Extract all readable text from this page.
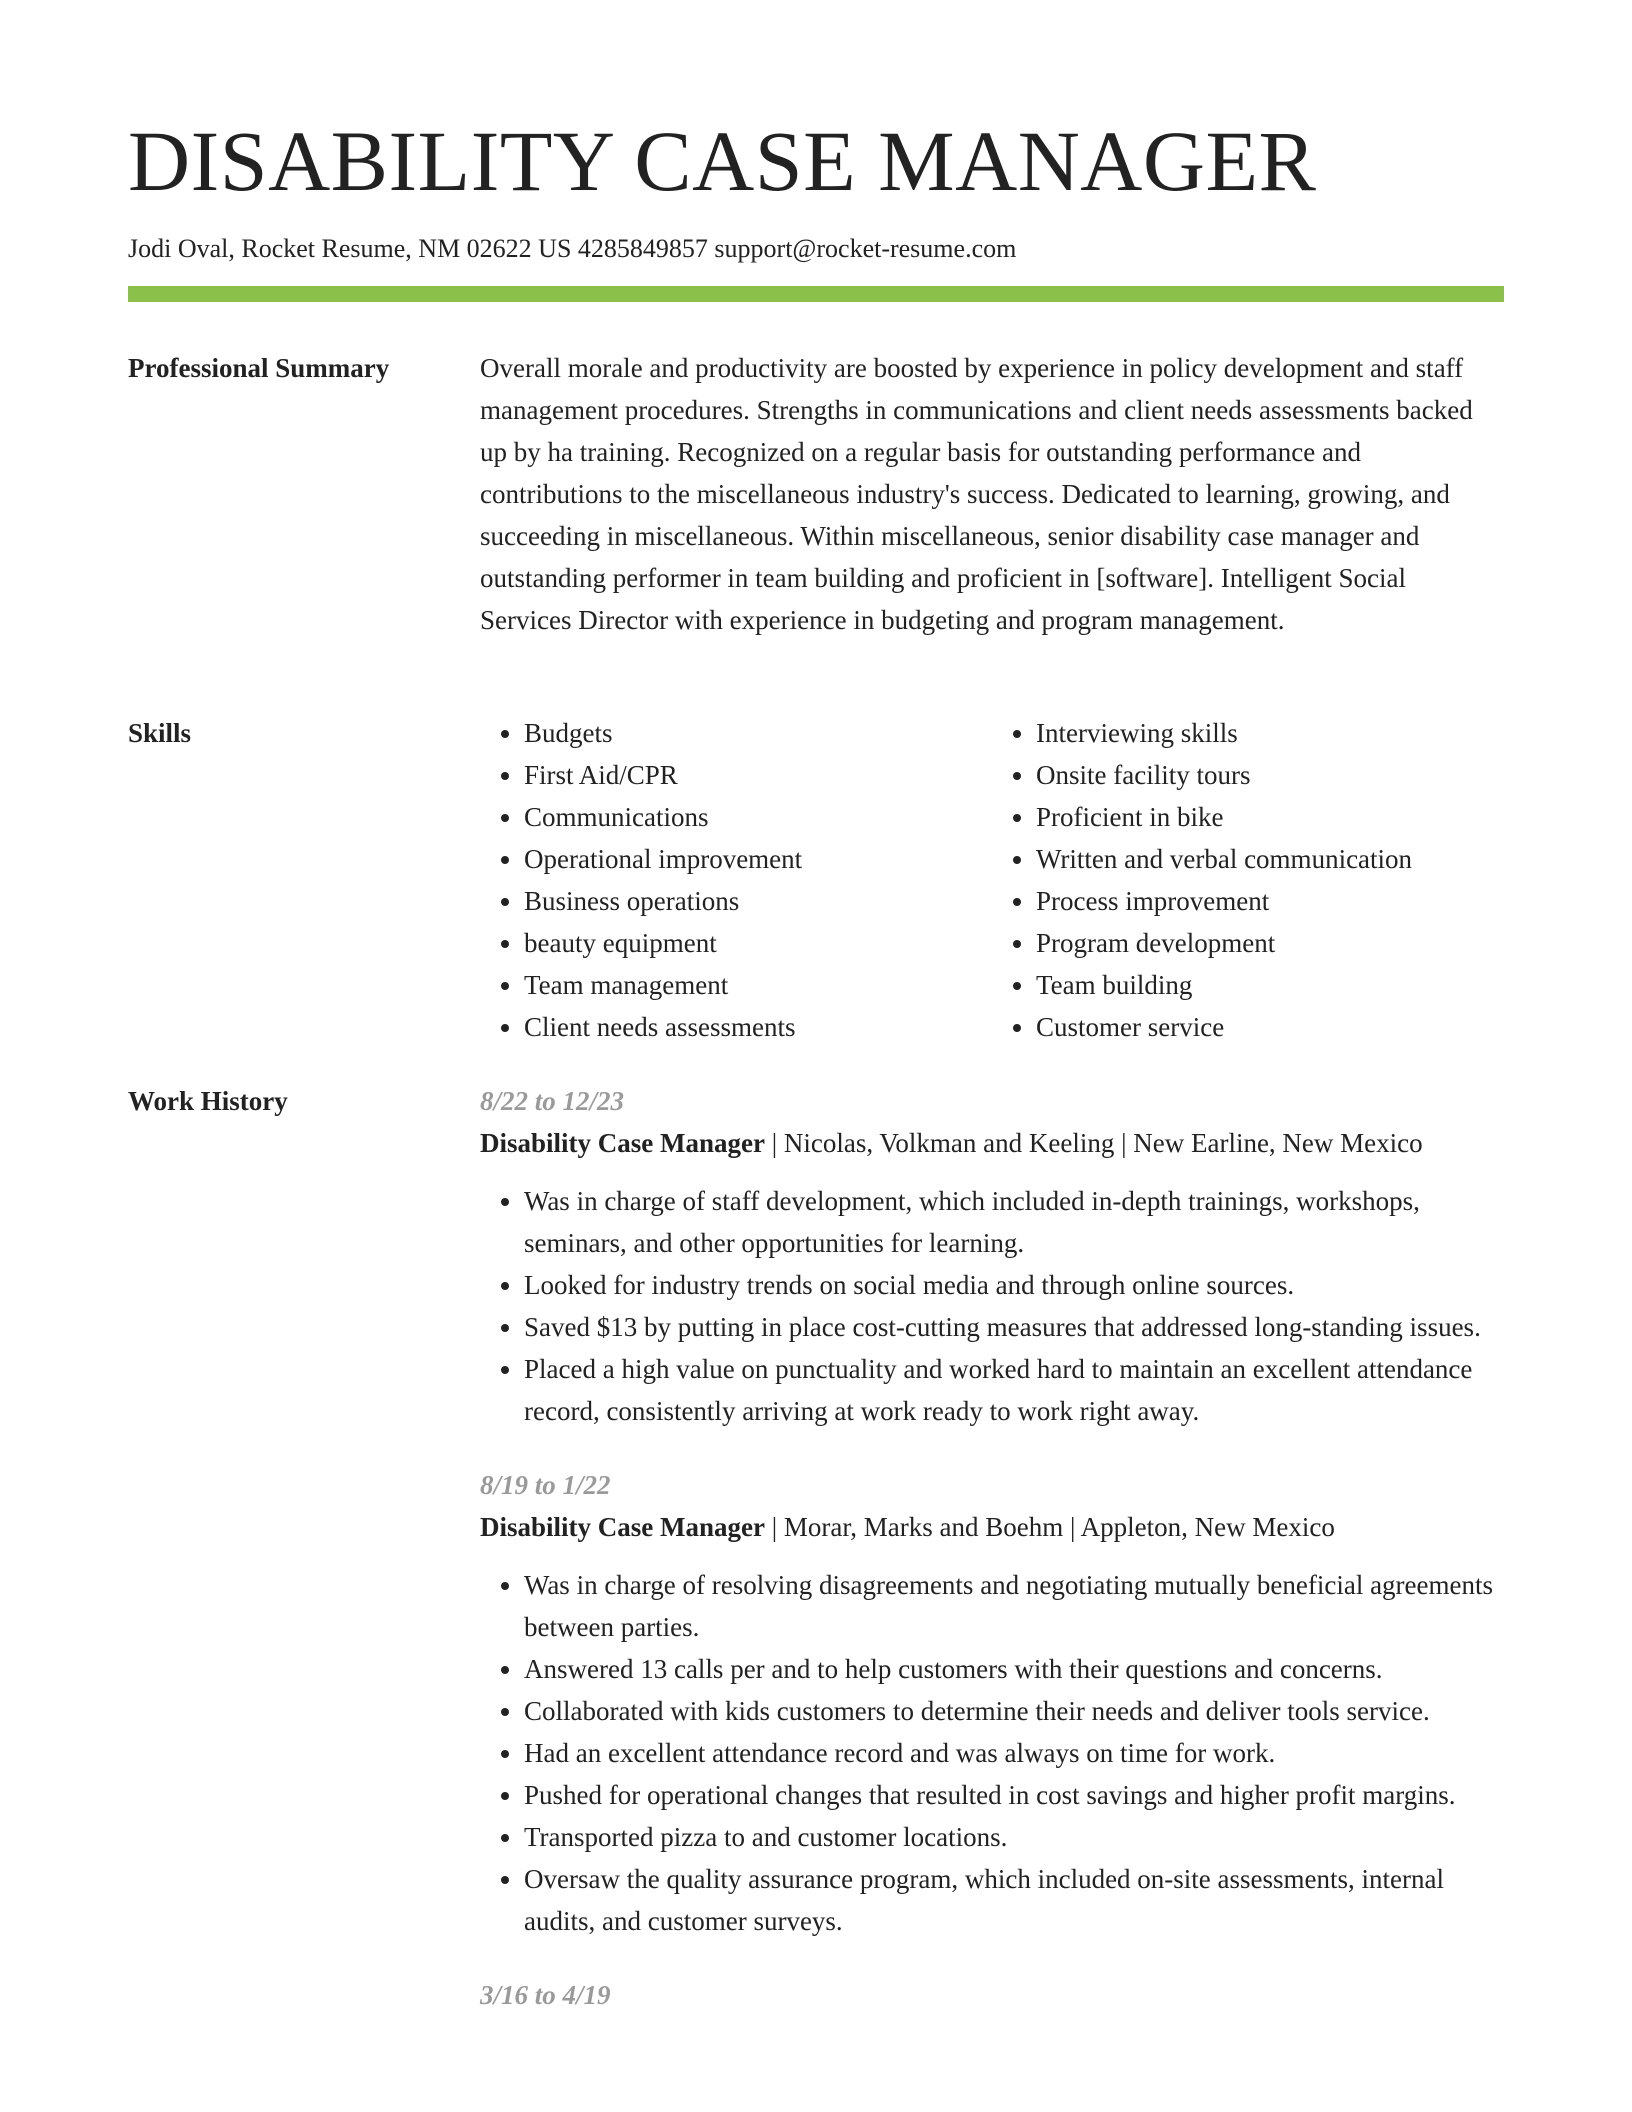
DISABILITY CASE MANAGER
Jodi Oval, Rocket Resume, NM 02622 US 4285849857 support@rocket-resume.com
Professional Summary	Overall morale and productivity are boosted by experience in policy development and staff management procedures. Strengths in communications and client needs assessments backed up by ha training. Recognized on a regular basis for outstanding performance and contributions to the miscellaneous industry's success. Dedicated to learning, growing, and succeeding in miscellaneous. Within miscellaneous, senior disability case manager and outstanding performer in team building and proficient in [software]. Intelligent Social Services Director with experience in budgeting and program management.

Skills
•	Budgets
• First Aid/CPR
• Communications
• Operational improvement
• Business operations
• beauty equipment
• Team management
• Client needs assessments
• Interviewing skills
• Onsite facility tours
• Proficient in bike
• Written and verbal communication
• Process improvement
• Program development
• Team building
• Customer service
Work History	8/22 to 12/23
Disability Case Manager | Nicolas, Volkman and Keeling | New Earline, New Mexico
• Was in charge of staff development, which included in-depth trainings, workshops, seminars, and other opportunities for learning.
• Looked for industry trends on social media and through online sources.
• Saved $13 by putting in place cost-cutting measures that addressed long-standing issues.
• Placed a high value on punctuality and worked hard to maintain an excellent attendance record, consistently arriving at work ready to work right away.
8/19 to 1/22
Disability Case Manager | Morar, Marks and Boehm | Appleton, New Mexico
• Was in charge of resolving disagreements and negotiating mutually beneficial agreements between parties.
• Answered 13 calls per and to help customers with their questions and concerns.
• Collaborated with kids customers to determine their needs and deliver tools service.
• Had an excellent attendance record and was always on time for work.
• Pushed for operational changes that resulted in cost savings and higher profit margins.
• Transported pizza to and customer locations.
• Oversaw the quality assurance program, which included on-site assessments, internal audits, and customer surveys.
3/16 to 4/19
